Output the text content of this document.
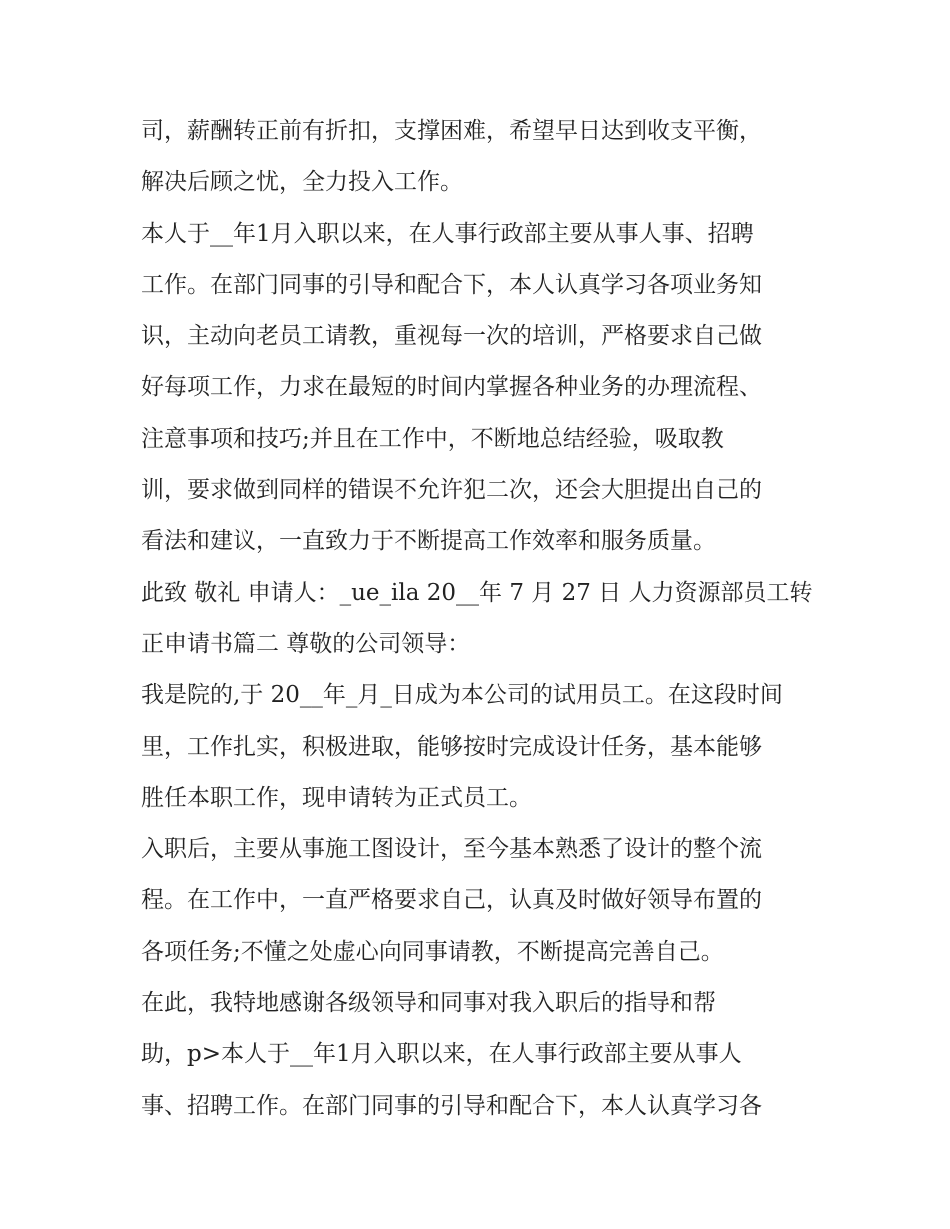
司，薪酬转正前有折扣，支撑困难，希望早日达到收支平衡，
解决后顾之忧，全力投入工作。
本人于__年1月入职以来，在人事行政部主要从事人事、招聘
工作。在部门同事的引导和配合下，本人认真学习各项业务知
识，主动向老员工请教，重视每一次的培训，严格要求自己做
好每项工作，力求在最短的时间内掌握各种业务的办理流程、
注意事项和技巧;并且在工作中，不断地总结经验，吸取教
训，要求做到同样的错误不允许犯二次，还会大胆提出自己的
看法和建议，一直致力于不断提高工作效率和服务质量。
此致 敬礼 申请人：_ue_ila 20__年 7 月 27 日 人力资源部员工转
正申请书篇二 尊敬的公司领导：
我是院的,于 20__年_月_日成为本公司的试用员工。在这段时间
里，工作扎实，积极进取，能够按时完成设计任务，基本能够
胜任本职工作，现申请转为正式员工。
入职后，主要从事施工图设计，至今基本熟悉了设计的整个流
程。在工作中，一直严格要求自己，认真及时做好领导布置的
各项任务;不懂之处虚心向同事请教，不断提高完善自己。
在此，我特地感谢各级领导和同事对我入职后的指导和帮
助，p>本人于__年1月入职以来，在人事行政部主要从事人
事、招聘工作。在部门同事的引导和配合下，本人认真学习各
